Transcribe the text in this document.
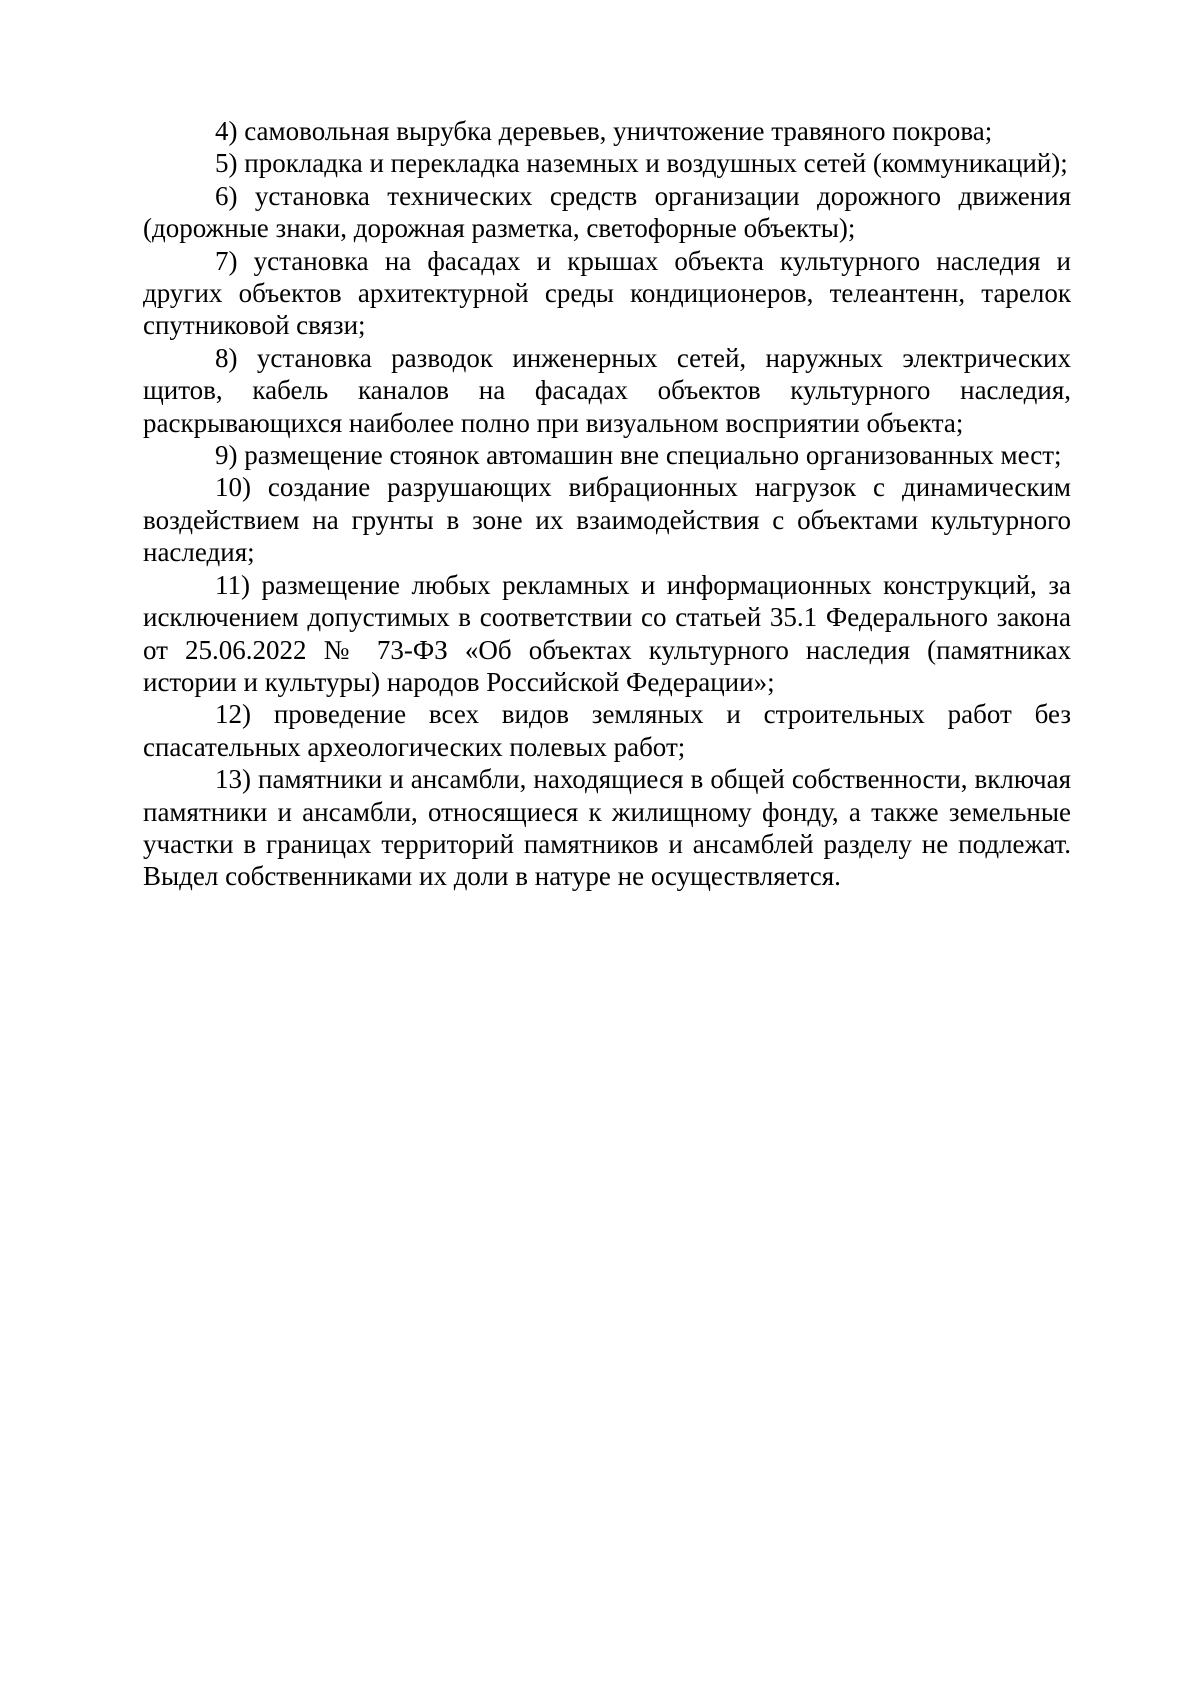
4) самовольная вырубка деревьев, уничтожение травяного покрова;

5) прокладка и перекладка наземных и воздушных сетей (коммуникаций);

6) установка технических средств организации дорожного движения (дорожные знаки, дорожная разметка, светофорные объекты);

7) установка на фасадах и крышах объекта культурного наследия и других объектов архитектурной среды кондиционеров, телеантенн, тарелок спутниковой связи;

8) установка разводок инженерных сетей, наружных электрических щитов, кабель каналов на фасадах объектов культурного наследия, раскрывающихся наиболее полно при визуальном восприятии объекта;

9) размещение стоянок автомашин вне специально организованных мест;

10) создание разрушающих вибрационных нагрузок с динамическим воздействием на грунты в зоне их взаимодействия с объектами культурного наследия;

11) размещение любых рекламных и информационных конструкций, за исключением допустимых в соответствии со статьей 35.1 Федерального закона от 25.06.2022 № 73-ФЗ «Об объектах культурного наследия (памятниках истории и культуры) народов Российской Федерации»;

12) проведение всех видов земляных и строительных работ без спасательных археологических полевых работ;

13) памятники и ансамбли, находящиеся в общей собственности, включая памятники и ансамбли, относящиеся к жилищному фонду, а также земельные участки в границах территорий памятников и ансамблей разделу не подлежат. Выдел собственниками их доли в натуре не осуществляется.
